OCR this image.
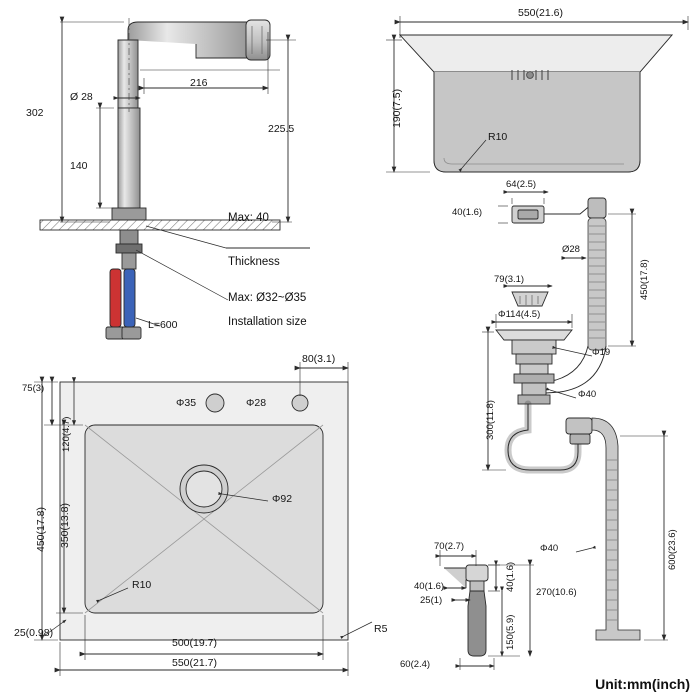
302
Ø 28
216
225.5
140
L=600
Max: 40
Thickness
Max: Ø32~Ø35
Installation size
550(21.6)
190(7.5)
R10
80(3.1)
Φ35	Φ28
75(3)
120(4.7)
350(13.8)
450(17.8)
500(19.7)
550(21.7)
25(0.98)
Φ92
R10
R5
64(2.5)
40(1.6)
79(3.1)
Φ114(4.5)
Ø28
450(17.8)
Φ19
Φ40
300(11.8)
Φ40	600(23.6)
70(2.7)
40(1.6)
25(1)
40(1.6)
150(5.9)
270(10.6)
60(2.4)
Unit:mm(inch)
